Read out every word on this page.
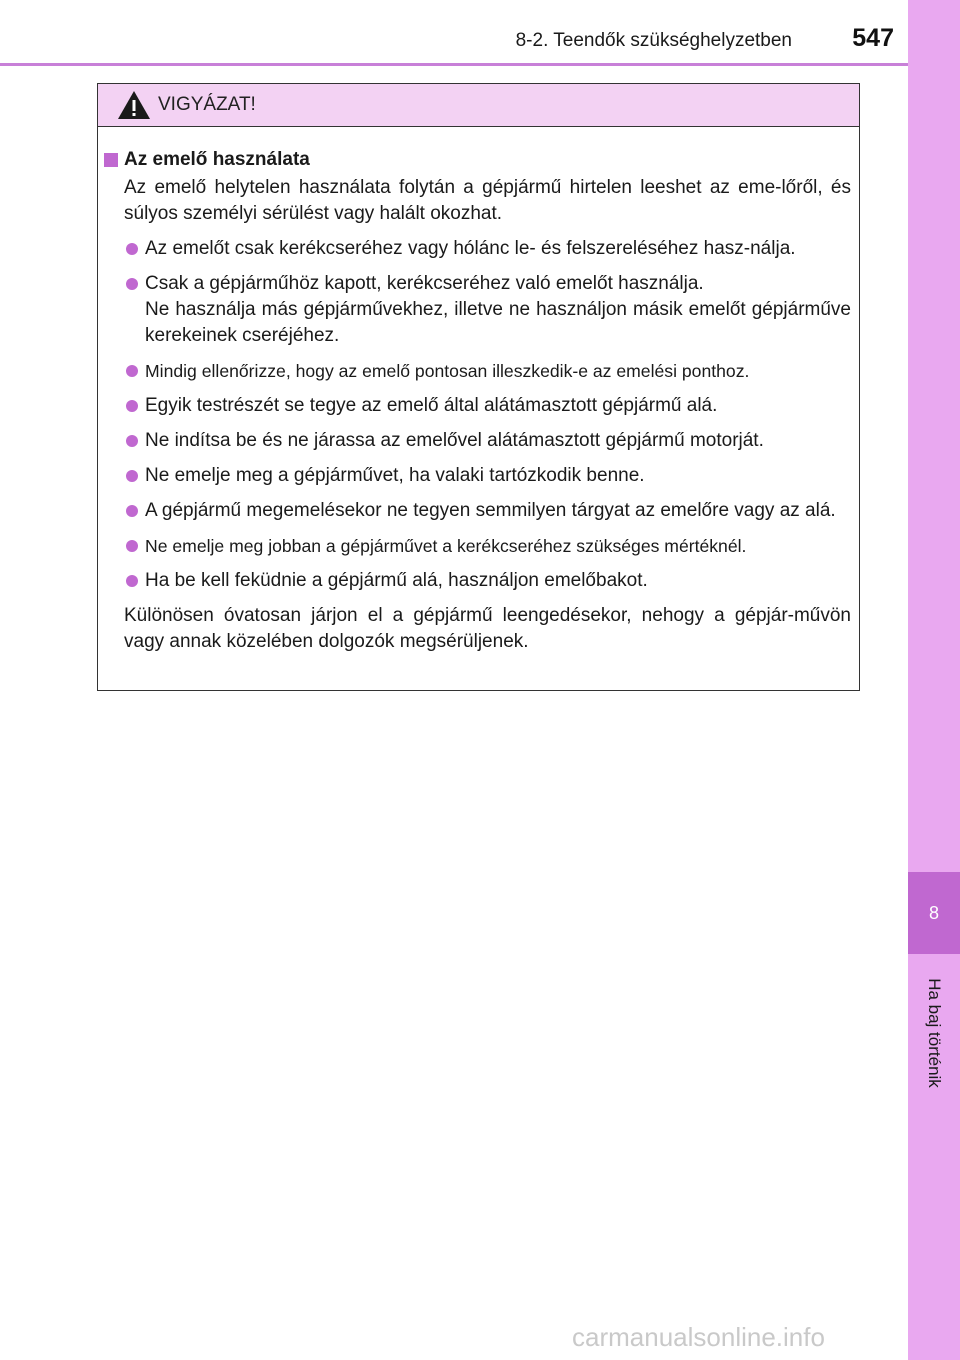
8-2. Teendők szükséghelyzetben	547
8
Ha baj történik
VIGYÁZAT!
Az emelő használata
Az emelő helytelen használata folytán a gépjármű hirtelen leeshet az eme-lőről, és súlyos személyi sérülést vagy halált okozhat.
Az emelőt csak kerékcseréhez vagy hólánc le- és felszereléséhez hasz-nálja.
Csak a gépjárműhöz kapott, kerékcseréhez való emelőt használja.
Ne használja más gépjárművekhez, illetve ne használjon másik emelőt gépjárműve kerekeinek cseréjéhez.
Mindig ellenőrizze, hogy az emelő pontosan illeszkedik-e az emelési ponthoz.
Egyik testrészét se tegye az emelő által alátámasztott gépjármű alá.
Ne indítsa be és ne járassa az emelővel alátámasztott gépjármű motorját.
Ne emelje meg a gépjárművet, ha valaki tartózkodik benne.
A gépjármű megemelésekor ne tegyen semmilyen tárgyat az emelőre vagy az alá.
Ne emelje meg jobban a gépjárművet a kerékcseréhez szükséges mértéknél.
Ha be kell feküdnie a gépjármű alá, használjon emelőbakot.
Különösen óvatosan járjon el a gépjármű leengedésekor, nehogy a gépjár-művön vagy annak közelében dolgozók megsérüljenek.
carmanualsonline.info
